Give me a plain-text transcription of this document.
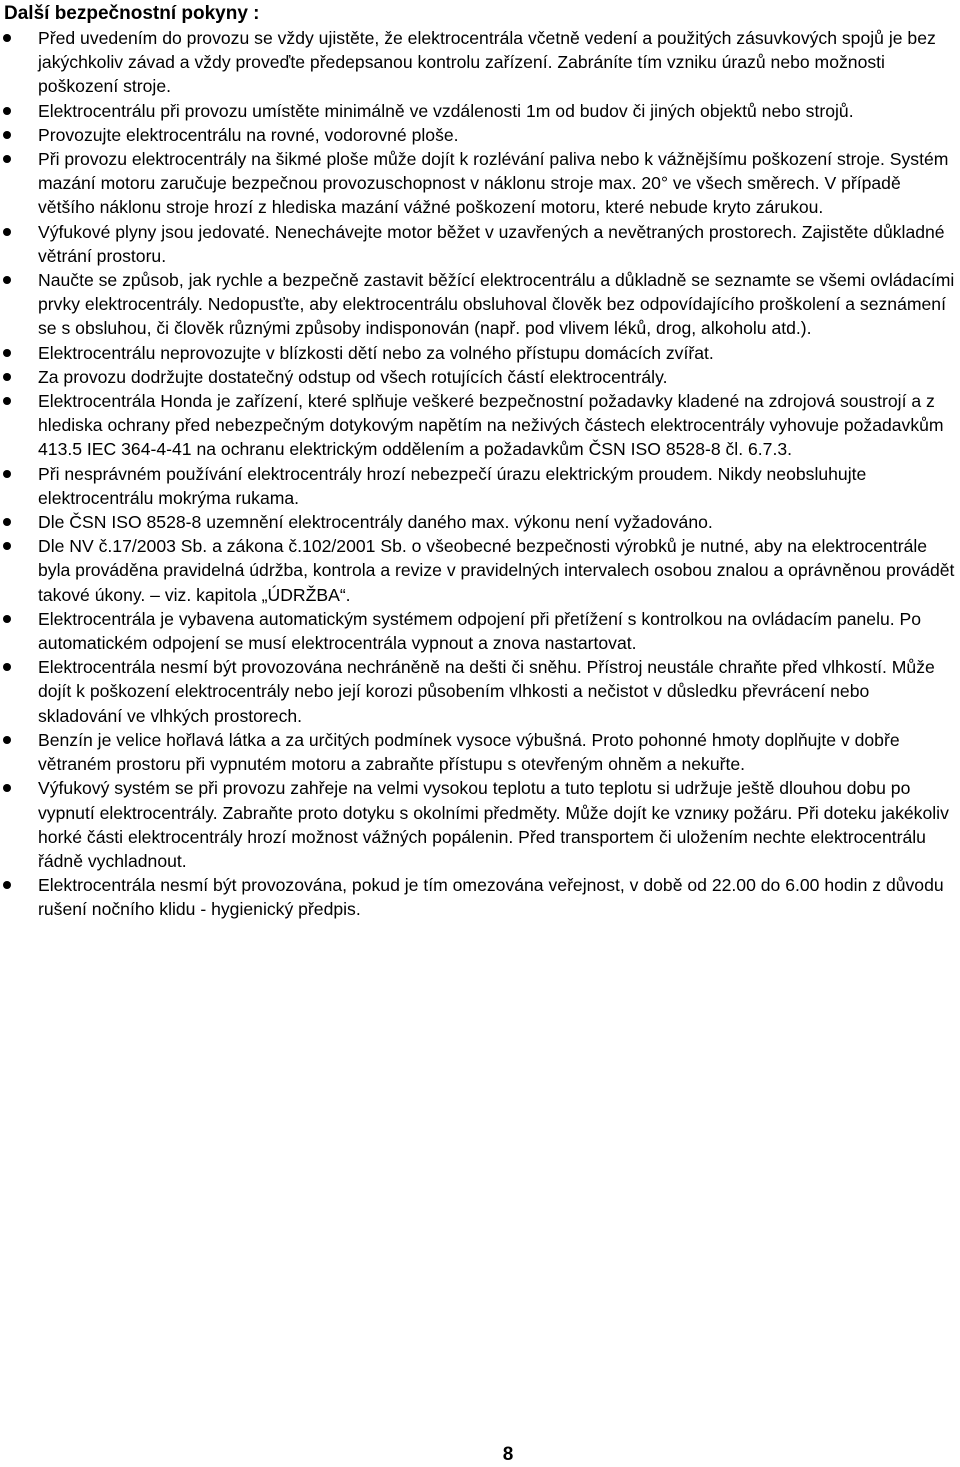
Další bezpečnostní pokyny :
Před uvedením do provozu se vždy ujistěte, že elektrocentrála včetně vedení a použitých zásuvkových spojů je bez jakýchkoliv závad a vždy proveďte předepsanou kontrolu zařízení. Zabráníte tím vzniku úrazů nebo možnosti poškození stroje.
Elektrocentrálu při provozu umístěte minimálně ve vzdálenosti 1m od budov či jiných objektů nebo strojů.
Provozujte elektrocentrálu na rovné, vodorovné ploše.
Při provozu elektrocentrály na šikmé ploše může dojít k rozlévání paliva nebo k vážnějšímu poškození stroje. Systém mazání motoru zaručuje bezpečnou provozuschopnost v náklonu stroje max. 20° ve všech směrech. V případě většího náklonu stroje hrozí z hlediska mazání vážné poškození motoru, které nebude kryto zárukou.
Výfukové plyny jsou jedovaté. Nenechávejte motor běžet v uzavřených a nevětraných prostorech. Zajistěte důkladné větrání prostoru.
Naučte se způsob, jak rychle a bezpečně zastavit běžící elektrocentrálu a důkladně se seznamte se všemi ovládacími prvky elektrocentrály. Nedopusťte, aby elektrocentrálu obsluhoval člověk bez odpovídajícího proškolení a seznámení se s obsluhou, či člověk různými způsoby indisponován (např. pod vlivem léků, drog, alkoholu atd.).
Elektrocentrálu neprovozujte v blízkosti dětí nebo za volného přístupu domácích zvířat.
Za provozu dodržujte dostatečný odstup od všech rotujících částí elektrocentrály.
Elektrocentrála Honda je zařízení, které splňuje veškeré bezpečnostní požadavky kladené na zdrojová soustrojí a z hlediska ochrany před nebezpečným dotykovým napětím na neživých částech elektrocentrály vyhovuje požadavkům 413.5 IEC 364-4-41 na ochranu elektrickým oddělením a požadavkům ČSN ISO 8528-8 čl. 6.7.3.
Při nesprávném používání elektrocentrály hrozí nebezpečí úrazu elektrickým proudem. Nikdy neobsluhujte elektrocentrálu mokrýma rukama.
Dle ČSN ISO 8528-8 uzemnění elektrocentrály daného max. výkonu není vyžadováno.
Dle NV č.17/2003 Sb. a zákona č.102/2001 Sb. o všeobecné bezpečnosti výrobků je nutné, aby na elektrocentrále byla prováděna pravidelná údržba, kontrola a revize v pravidelných intervalech osobou znalou a oprávněnou provádět takové úkony. – viz. kapitola „ÚDRŽBA“.
Elektrocentrála je vybavena automatickým systémem odpojení při přetížení s kontrolkou na ovládacím panelu. Po automatickém odpojení se musí elektrocentrála vypnout a znova nastartovat.
Elektrocentrála nesmí být provozována nechráněně na dešti či sněhu. Přístroj neustále chraňte před vlhkostí. Může dojít k poškození elektrocentrály nebo její korozi působením vlhkosti a nečistot v důsledku převrácení nebo skladování ve vlhkých prostorech.
Benzín je velice hořlavá látka a za určitých podmínek vysoce výbušná. Proto pohonné hmoty doplňujte v dobře větraném prostoru při vypnutém motoru a zabraňte přístupu s otevřeným ohněm a nekuřte.
Výfukový systém se při provozu zahřeje na velmi vysokou teplotu a tuto teplotu si udržuje ještě dlouhou dobu po vypnutí elektrocentrály. Zabraňte proto dotyku s okolními předměty. Může dojít ke vznику požáru. Při doteku jakékoliv horké části elektrocentrály hrozí možnost vážných popálenin. Před transportem či uložením nechte elektrocentrálu řádně vychladnout.
Elektrocentrála nesmí být provozována, pokud je tím omezována veřejnost, v době od 22.00 do 6.00 hodin z důvodu rušení nočního klidu - hygienický předpis.
8
